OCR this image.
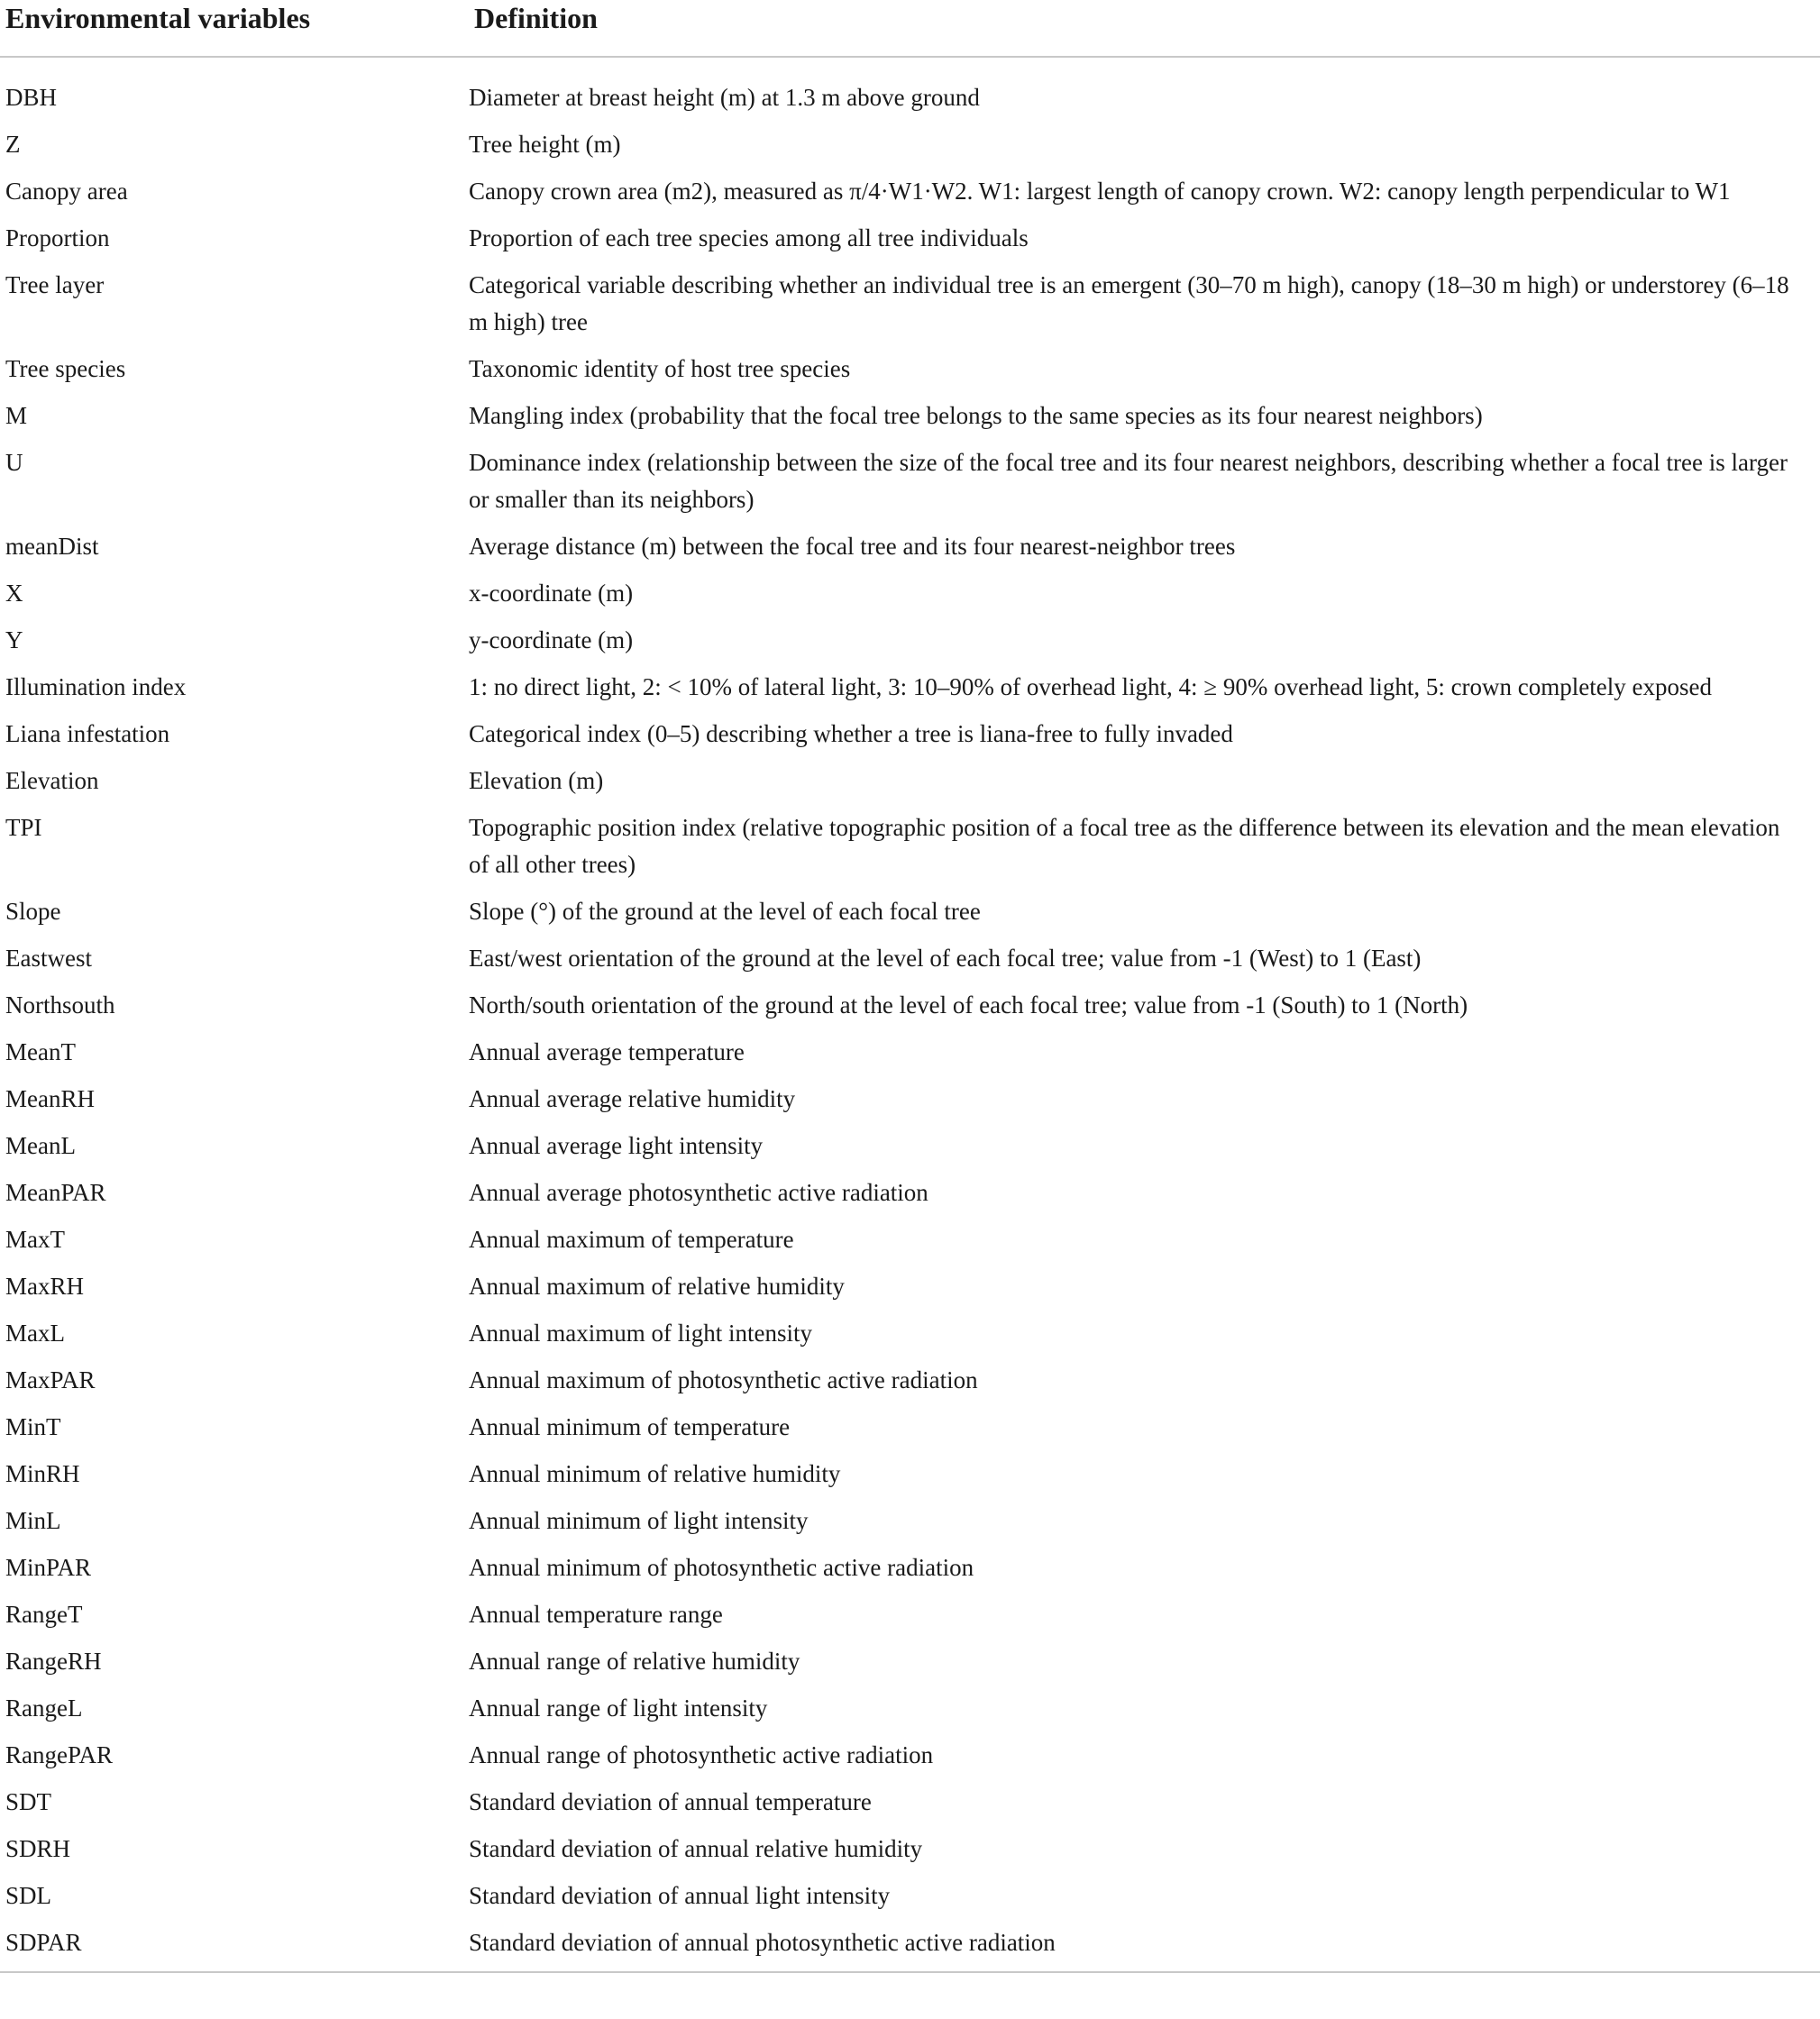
Environmental variables	Definition
DBH	Diameter at breast height (m) at 1.3 m above ground
Z	Tree height (m)
Canopy area	Canopy crown area (m2), measured as π/4·W1·W2. W1: largest length of canopy crown. W2: canopy length perpendicular to W1
Proportion	Proportion of each tree species among all tree individuals
Tree layer	Categorical variable describing whether an individual tree is an emergent (30–70 m high), canopy (18–30 m high) or understorey (6–18 m high) tree
Tree species	Taxonomic identity of host tree species
M	Mangling index (probability that the focal tree belongs to the same species as its four nearest neighbors)
U	Dominance index (relationship between the size of the focal tree and its four nearest neighbors, describing whether a focal tree is larger or smaller than its neighbors)
meanDist	Average distance (m) between the focal tree and its four nearest-neighbor trees
X	x-coordinate (m)
Y	y-coordinate (m)
Illumination index	1: no direct light, 2: < 10% of lateral light, 3: 10–90% of overhead light, 4: ≥ 90% overhead light, 5: crown completely exposed
Liana infestation	Categorical index (0–5) describing whether a tree is liana-free to fully invaded
Elevation	Elevation (m)
TPI	Topographic position index (relative topographic position of a focal tree as the difference between its elevation and the mean elevation of all other trees)
Slope	Slope (°) of the ground at the level of each focal tree
Eastwest	East/west orientation of the ground at the level of each focal tree; value from -1 (West) to 1 (East)
Northsouth	North/south orientation of the ground at the level of each focal tree; value from -1 (South) to 1 (North)
MeanT	Annual average temperature
MeanRH	Annual average relative humidity
MeanL	Annual average light intensity
MeanPAR	Annual average photosynthetic active radiation
MaxT	Annual maximum of temperature
MaxRH	Annual maximum of relative humidity
MaxL	Annual maximum of light intensity
MaxPAR	Annual maximum of photosynthetic active radiation
MinT	Annual minimum of temperature
MinRH	Annual minimum of relative humidity
MinL	Annual minimum of light intensity
MinPAR	Annual minimum of photosynthetic active radiation
RangeT	Annual temperature range
RangeRH	Annual range of relative humidity
RangeL	Annual range of light intensity
RangePAR	Annual range of photosynthetic active radiation
SDT	Standard deviation of annual temperature
SDRH	Standard deviation of annual relative humidity
SDL	Standard deviation of annual light intensity
SDPAR	Standard deviation of annual photosynthetic active radiation
